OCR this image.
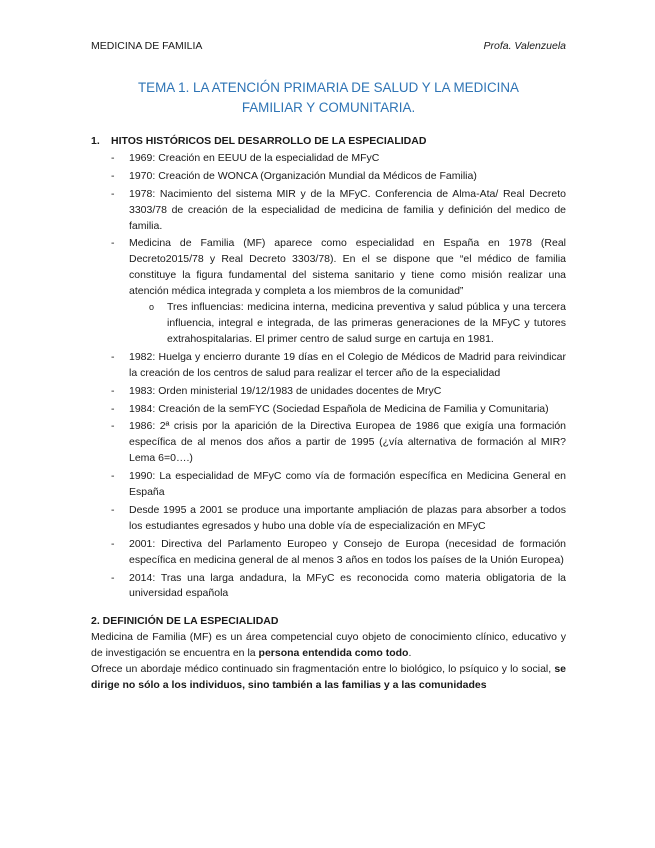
MEDICINA DE FAMILIA	Profa. Valenzuela
TEMA 1. LA ATENCIÓN PRIMARIA DE SALUD Y LA MEDICINA
FAMILIAR Y COMUNITARIA.
1.	HITOS HISTÓRICOS DEL DESARROLLO DE LA ESPECIALIDAD
- 1969: Creación en EEUU de la especialidad de MFyC
- 1970: Creación de WONCA (Organización Mundial da Médicos de Familia)
- 1978: Nacimiento del sistema MIR y de la MFyC. Conferencia de Alma-Ata/ Real Decreto 3303/78 de creación de la especialidad de medicina de familia y definición del medico de familia.
- Medicina de Familia (MF) aparece como especialidad en España en 1978 (Real Decreto2015/78 y Real Decreto 3303/78). En el se dispone que “el médico de familia constituye la figura fundamental del sistema sanitario y tiene como misión realizar una atención médica integrada y completa a los miembros de la comunidad”
o Tres influencias: medicina interna, medicina preventiva y salud pública y una tercera influencia, integral e integrada, de las primeras generaciones de la MFyC y tutores extrahospitalarias. El primer centro de salud surge en cartuja en 1981.
- 1982: Huelga y encierro durante 19 días en el Colegio de Médicos de Madrid para reivindicar la creación de los centros de salud para realizar el tercer año de la especialidad
- 1983: Orden ministerial 19/12/1983 de unidades docentes de MryC
- 1984: Creación de la semFYC (Sociedad Española de Medicina de Familia y Comunitaria)
- 1986: 2ª crisis por la aparición de la Directiva Europea de 1986 que exigía una formación específica de al menos dos años a partir de 1995 (¿vía alternativa de formación al MIR? Lema 6=0….)
- 1990: La especialidad de MFyC como vía de formación específica en Medicina General en España
- Desde 1995 a 2001 se produce una importante ampliación de plazas para absorber a todos los estudiantes egresados y hubo una doble vía de especialización en MFyC
- 2001: Directiva del Parlamento Europeo y Consejo de Europa (necesidad de formación específica en medicina general de al menos 3 años en todos los países de la Unión Europea)
- 2014: Tras una larga andadura, la MFyC es reconocida como materia obligatoria de la universidad española
2. DEFINICIÓN DE LA ESPECIALIDAD

Medicina de Familia (MF) es un área competencial cuyo objeto de conocimiento clínico, educativo y de investigación se encuentra en la persona entendida como todo.

Ofrece un abordaje médico continuado sin fragmentación entre lo biológico, lo psíquico y lo social, se dirige no sólo a los individuos, sino también a las familias y a las comunidades
